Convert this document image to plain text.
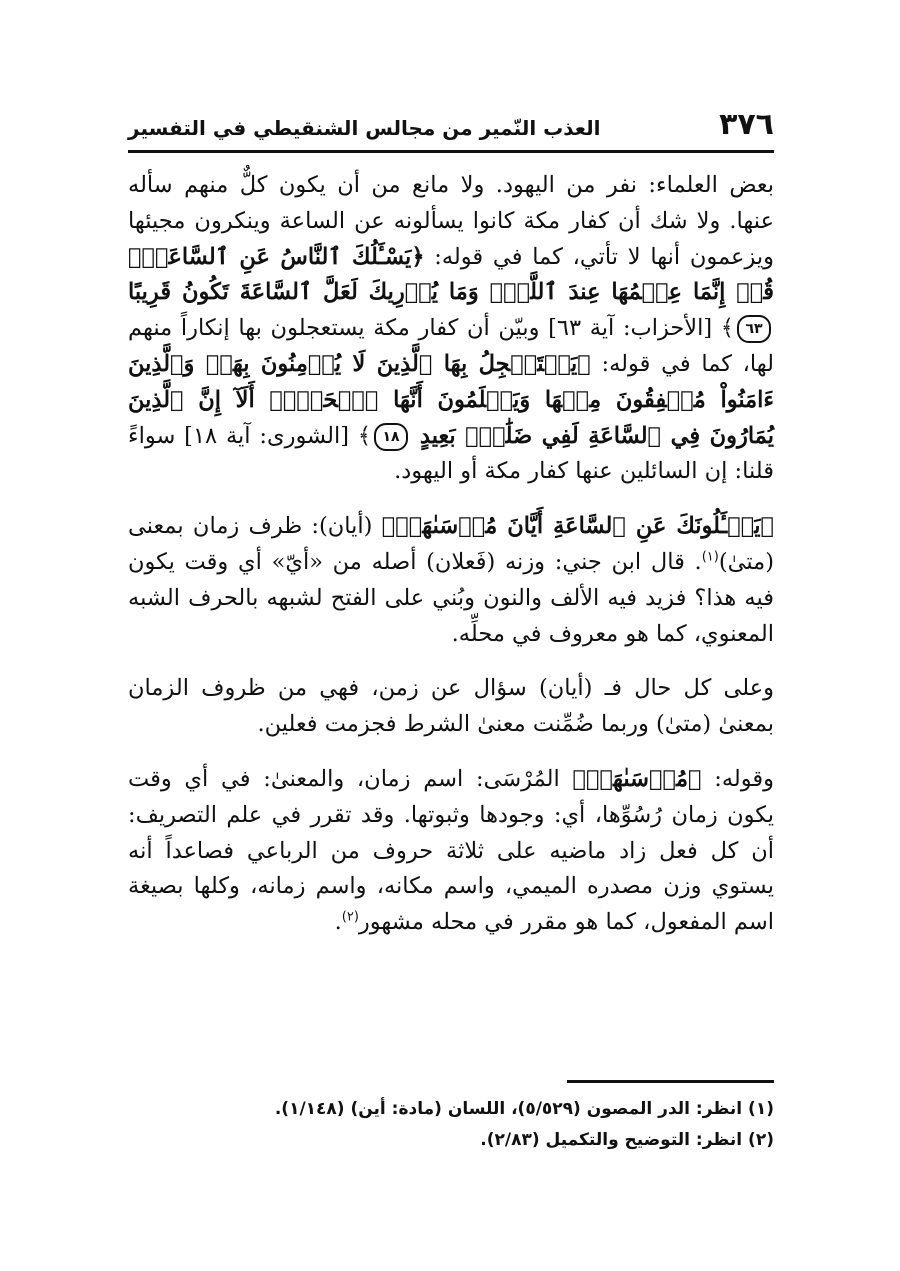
٣٧٦
العذب النّمير من مجالس الشنقيطي في التفسير

بعض العلماء: نفر من اليهود. ولا مانع من أن يكون كلٌّ منهم سأله عنها. ولا شك أن كفار مكة كانوا يسألونه عن الساعة وينكرون مجيئها ويزعمون أنها لا تأتي، كما في قوله: ﴿يَسْـَٔلُكَ ٱلنَّاسُ عَنِ ٱلسَّاعَةِۖ قُلۡ إِنَّمَا عِلۡمُهَا عِندَ ٱللَّهِۚ وَمَا يُدۡرِيكَ لَعَلَّ ٱلسَّاعَةَ تَكُونُ قَرِيبًا ٦٣﴾ [الأحزاب: آية ٦٣] وبيّن أن كفار مكة يستعجلون بها إنكاراً منهم لها، كما في قوله: ﴿يَسۡتَعۡجِلُ بِهَا ٱلَّذِينَ لَا يُؤۡمِنُونَ بِهَاۖ وَٱلَّذِينَ ءَامَنُواْ مُشۡفِقُونَ مِنۡهَا وَيَعۡلَمُونَ أَنَّهَا ٱلۡحَقُّۗ أَلَآ إِنَّ ٱلَّذِينَ يُمَارُونَ فِي ٱلسَّاعَةِ لَفِي ضَلَٰلِۭ بَعِيدٍ ١٨﴾ [الشورى: آية ١٨] سواءً قلنا: إن السائلين عنها كفار مكة أو اليهود.

﴿يَسۡـَٔلُونَكَ عَنِ ٱلسَّاعَةِ أَيَّانَ مُرۡسَىٰهَاۖ﴾ (أيان): ظرف زمان بمعنى (متىٰ)$^{(١)}$. قال ابن جني: وزنه (فَعلان) أصله من «أيّ» أي وقت يكون فيه هذا؟ فزيد فيه الألف والنون وبُني على الفتح لشبهه بالحرف الشبه المعنوي، كما هو معروف في محلِّه.

وعلى كل حال فـ (أيان) سؤال عن زمن، فهي من ظروف الزمان بمعنىٰ (متىٰ) وربما ضُمِّنت معنىٰ الشرط فجزمت فعلين.

وقوله: ﴿مُرۡسَىٰهَاۖ﴾ المُرْسَى: اسم زمان، والمعنىٰ: في أي وقت يكون زمان رُسُوِّها، أي: وجودها وثبوتها. وقد تقرر في علم التصريف: أن كل فعل زاد ماضيه على ثلاثة حروف من الرباعي فصاعداً أنه يستوي وزن مصدره الميمي، واسم مكانه، واسم زمانه، وكلها بصيغة اسم المفعول، كما هو مقرر في محله مشهور$^{(٢)}$.

(١)انظر: الدر المصون (٥/٥٢٩)، اللسان (مادة: أين) (١/١٤٨).
(٢)انظر: التوضيح والتكميل (٢/٨٣).
